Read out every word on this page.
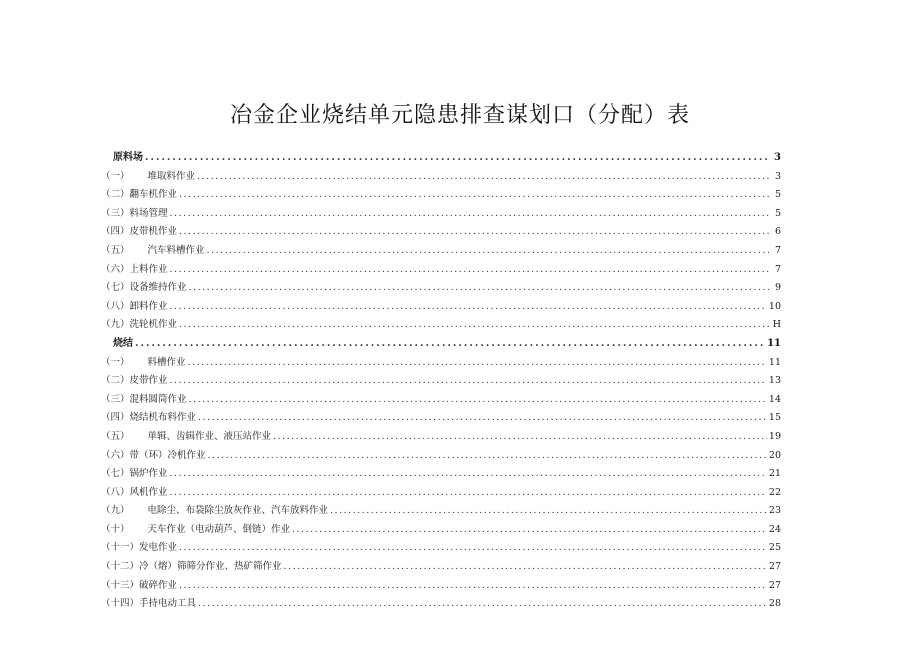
冶金企业烧结单元隐患排查谋划口（分配）表
原料场 .....	3
（一） 堆取料作业 .....	3
（二） 翻车机作业 .....	5
（三） 料场管理 .....	5
（四） 皮带机作业 .....	6
（五） 汽车料槽作业 .....	7
（六） 上料作业 .....	7
（七） 设备维持作业 .....	9
（八） 卸料作业 .....	10
（九） 洗轮机作业 .....	H
烧结 .....	11
（一） 料槽作业 .....	11
（二） 皮带作业 .....	13
（三） 混料圆筒作业 .....	14
（四） 烧结机布料作业 .....	15
（五） 单辑、齿辑作业、液压站作业 .....	19
（六） 带（环）冷机作业 .....	20
（七） 锅炉作业 .....	21
（八） 风机作业 .....	22
（九） 电除尘、布袋除尘放灰作业、汽车放料作业 .....	23
（十） 天车作业（电动葫芦、倒链）作业 .....	24
（十一） 发电作业 .....	25
（十二） 冷（熔）筛筛分作业、热矿筛作业 .....	27
（十三） 破碎作业 .....	27
（十四） 手持电动工具 .....	28
